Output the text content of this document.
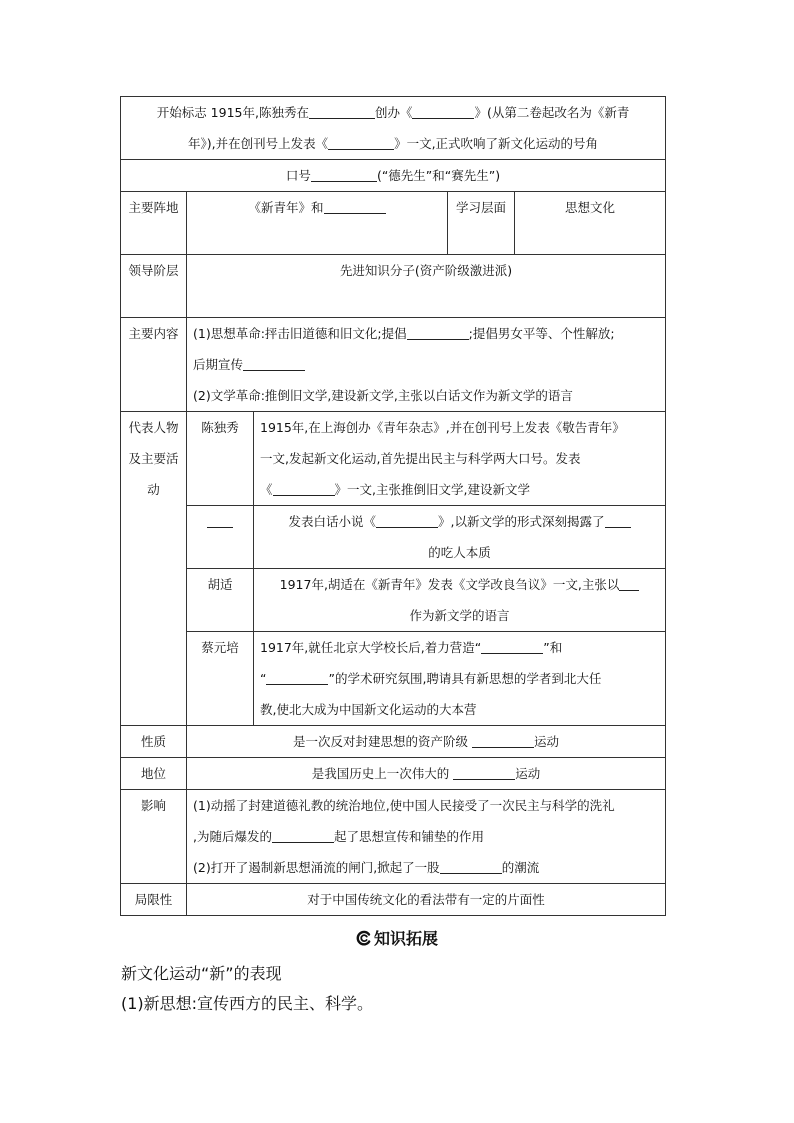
开始标志 1915年,陈独秀在 创办《 》(从第二卷起改名为《新青
年》),并在创刊号上发表《 》一文,正式吹响了新文化运动的号角				
口号 (“德先生”和“赛先生”)				
主要阵地	《新青年》和		学习层面	思想文化
领导阶层	先进知识分子(资产阶级激进派)			
主要内容	(1)思想革命:抨击旧道德和旧文化;提倡 ;提倡男女平等、个性解放;
后期宣传
(2)文学革命:推倒旧文学,建设新文学,主张以白话文作为新文学的语言			
代表人物及主要活动	陈独秀	1915年,在上海创办《青年杂志》,并在创刊号上发表《敬告青年》
一文,发起新文化运动,首先提出民主与科学两大口号。发表
《 》一文,主张推倒旧文学,建设新文学		
		发表白话小说《 》,以新文学的形式深刻揭露了
的吃人本质		
	胡适	1917年,胡适在《新青年》发表《文学改良刍议》一文,主张以
作为新文学的语言		
	蔡元培	1917年,就任北京大学校长后,着力营造“ ”和
“ ”的学术研究氛围,聘请具有新思想的学者到北大任
教,使北大成为中国新文化运动的大本营		
性质	是一次反对封建思想的资产阶级 运动			
地位	是我国历史上一次伟大的 运动			
影响	(1)动摇了封建道德礼教的统治地位,使中国人民接受了一次民主与科学的洗礼
,为随后爆发的 起了思想宣传和铺垫的作用
(2)打开了遏制新思想涌流的闸门,掀起了一股 的潮流			
局限性	对于中国传统文化的看法带有一定的片面性			
知识拓展
新文化运动“新”的表现
(1)新思想:宣传西方的民主、科学。
